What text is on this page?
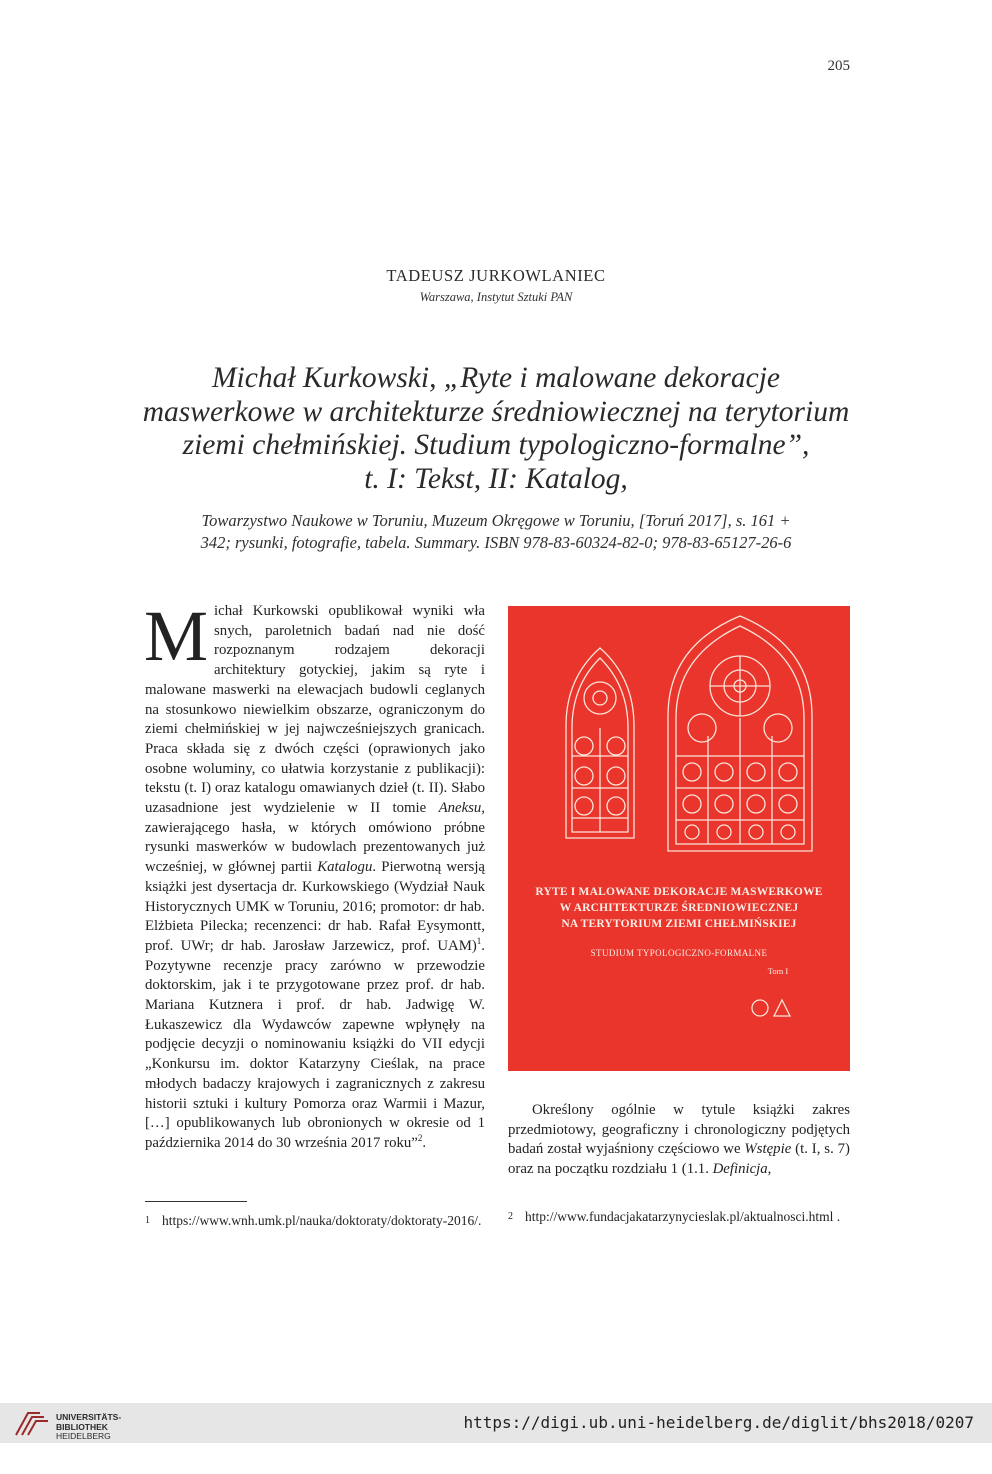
205
TADEUSZ JURKOWLANIEC
Warszawa, Instytut Sztuki PAN
Michał Kurkowski, „Ryte i malowane dekoracje
maswerkowe w architekturze średniowiecznej na terytorium
ziemi chełmińskiej. Studium typologiczno-formalne”,
t. I: Tekst, II: Katalog,
Towarzystwo Naukowe w Toruniu, Muzeum Okręgowe w Toruniu, [Toruń 2017], s. 161 +
342; rysunki, fotografie, tabela. Summary. ISBN 978-83-60324-82-0; 978-83-65127-26-6
Michał Kurkowski opublikował wyniki wła snych, paroletnich badań nad nie dość rozpoznanym rodzajem dekoracji architektury gotyckiej, jakim są ryte i malowane maswerki na elewacjach budowli ceglanych na stosunkowo niewielkim obszarze, ograniczonym do ziemi chełmińskiej w jej najwcześniejszych granicach. Praca składa się z dwóch części (oprawionych jako osobne woluminy, co ułatwia korzystanie z publikacji): tekstu (t. I) oraz katalogu omawianych dzieł (t. II). Słabo uzasadnione jest wydzielenie w II tomie Aneksu, zawierającego hasła, w których omówiono próbne rysunki maswerków w budowlach prezentowanych już wcześniej, w głównej partii Katalogu. Pierwotną wersją książki jest dysertacja dr. Kurkowskiego (Wydział Nauk Historycznych UMK w Toruniu, 2016; promotor: dr hab. Elżbieta Pilecka; recenzenci: dr hab. Rafał Eysymontt, prof. UWr; dr hab. Jarosław Jarzewicz, prof. UAM)$^1$. Pozytywne recenzje pracy zarówno w przewodzie doktorskim, jak i te przygotowane przez prof. dr hab. Mariana Kutznera i prof. dr hab. Jadwigę W. Łukaszewicz dla Wydawców zapewne wpłynęły na podjęcie decyzji o nominowaniu książki do VII edycji „Konkursu im. doktor Katarzyny Cieślak, na prace młodych badaczy krajowych i zagranicznych z zakresu historii sztuki i kultury Pomorza oraz Warmii i Mazur, […] opublikowanych lub obronionych w okresie od 1 października 2014 do 30 września 2017 roku”$^2$.
RYTE I MALOWANE DEKORACJE MASWERKOWE
W ARCHITEKTURZE ŚREDNIOWIECZNEJ
NA TERYTORIUM ZIEMI CHEŁMIŃSKIEJ
STUDIUM TYPOLOGICZNO-FORMALNE
Tom I
Określony ogólnie w tytule książki zakres przedmiotowy, geograficzny i chronologiczny podjętych badań został wyjaśniony częściowo we Wstępie (t. I, s. 7) oraz na początku rozdziału 1 (1.1. Definicja,
$^1$ https://www.wnh.umk.pl/nauka/doktoraty/doktoraty-2016/.	$^2$ http://www.fundacjakatarzynycieslak.pl/aktualnosci.html .
UNIVERSITÄTS-
BIBLIOTHEK
HEIDELBERG
https://digi.ub.uni-heidelberg.de/diglit/bhs2018/0207
